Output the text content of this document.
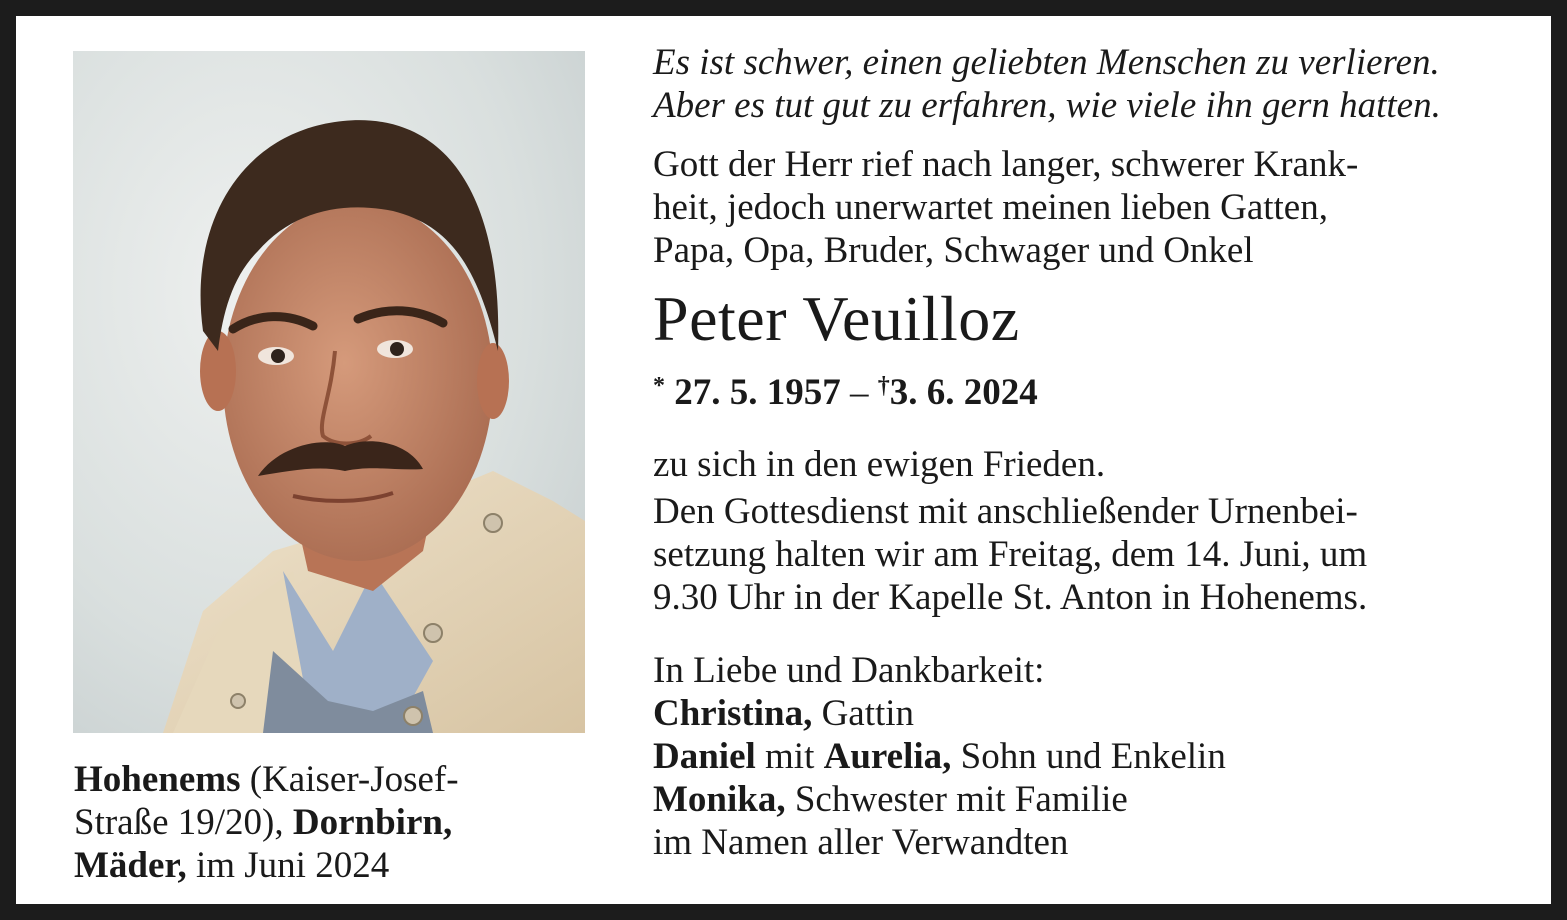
Hohenems (Kaiser-Josef-
Straße 19/20), Dornbirn,
Mäder, im Juni 2024
Es ist schwer, einen geliebten Menschen zu verlieren.
Aber es tut gut zu erfahren, wie viele ihn gern hatten.
Gott der Herr rief nach langer, schwerer Krank-
heit, jedoch unerwartet meinen lieben Gatten,
Papa, Opa, Bruder, Schwager und Onkel
Peter Veuilloz
* 27. 5. 1957 – †3. 6. 2024
zu sich in den ewigen Frieden.
Den Gottesdienst mit anschließender Urnenbei-
setzung halten wir am Freitag, dem 14. Juni, um
9.30 Uhr in der Kapelle St. Anton in Hohenems.
In Liebe und Dankbarkeit:
Christina, Gattin
Daniel mit Aurelia, Sohn und Enkelin
Monika, Schwester mit Familie
im Namen aller Verwandten
